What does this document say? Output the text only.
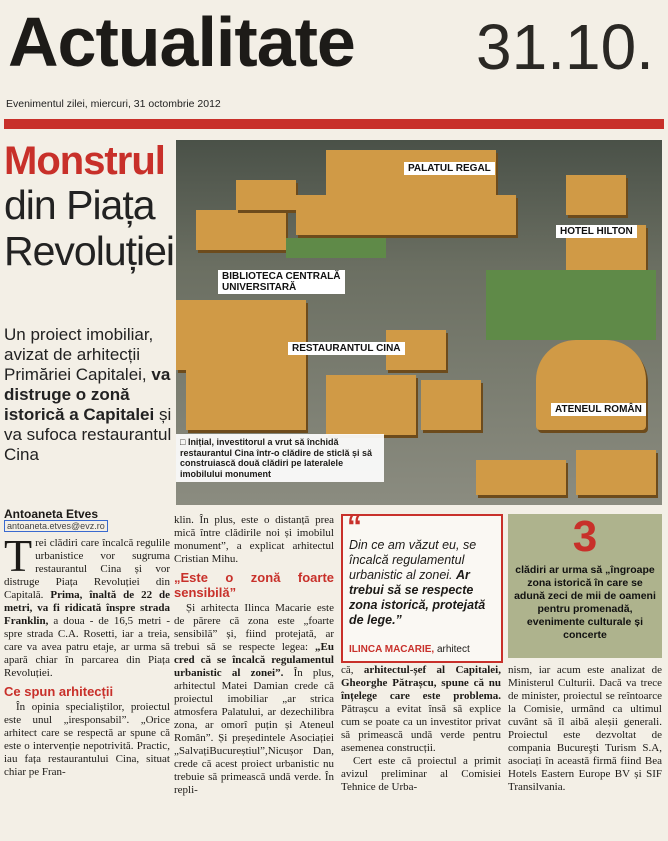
Actualitate 31.10.
Evenimentul zilei, miercuri, 31 octombrie 2012
Monstrul
din Piața
Revoluției
Un proiect imobiliar, avizat de arhitecții Primăriei Capitalei, va distruge o zonă istorică a Capitalei și va sufoca restaurantul Cina
Antoaneta Etves
antoaneta.etves@evz.ro
PALATUL REGAL
HOTEL HILTON
BIBLIOTECA CENTRALĂ
UNIVERSITARĂ
RESTAURANTUL CINA
ATENEUL ROMÂN
□ Inițial, investitorul a vrut să închidă restaurantul Cina într-o clădire de sticlă și să construiască două clădiri pe lateralele imobilului monument
T rei clădiri care încalcă regulile urbanistice vor sugruma restaurantul Cina și vor distruge Piața Revoluției din Capitală. Prima, înaltă de 22 de metri, va fi ridicată înspre strada Franklin, a doua - de 16,5 metri - spre strada C.A. Rosetti, iar a treia, care va avea patru etaje, ar urma să apară chiar în parcarea din Piața Revoluției.
Ce spun arhitecții
În opinia specialiștilor, proiectul este unul „iresponsabil”. „Orice arhitect care se respectă ar spune că este o intervenție nepotrivită. Practic, iau fața restaurantului Cina, situat chiar pe Fran-
klin. În plus, este o distanță prea mică între clădirile noi și imobilul monument”, a explicat arhitectul Cristian Mihu.
„Este o zonă foarte sensibilă”
Și arhitecta Ilinca Macarie este de părere că zona este „foarte sensibilă” și, fiind protejată, ar trebui să se respecte legea: „Eu cred că se încalcă regulamentul urbanistic al zonei”. În plus, arhitectul Matei Damian crede că proiectul imobiliar „ar strica atmosfera Palatului, ar dezechilibra zona, ar omorî puțin și Ateneul Român”. Și președintele Asociației „SalvațiBucureștiul”,Nicușor Dan, crede că acest proiect urbanistic nu trebuie să primească undă verde. În repli-
“
Din ce am văzut eu, se încalcă regulamentul urbanistic al zonei. Ar trebui să se respecte zona istorică, protejată de lege.”
ILINCA MACARIE, arhitect
3
clădiri ar urma să „îngroape zona istorică în care se adună zeci de mii de oameni pentru promenadă, evenimente culturale și concerte
că, arhitectul-șef al Capitalei, Gheorghe Pătrașcu, spune că nu înțelege care este problema. Pătrașcu a evitat însă să explice cum se poate ca un investitor privat să primească undă verde pentru asemenea construcții.
Cert este că proiectul a primit avizul preliminar al Comisiei Tehnice de Urba-
nism, iar acum este analizat de Ministerul Culturii. Dacă va trece de minister, proiectul se reîntoarce la Comisie, urmând ca ultimul cuvânt să îl aibă aleșii generali. Proiectul este dezvoltat de compania Bucureşti Turism S.A, asociați în această firmă fiind Bea Hotels Eastern Europe BV și SIF Transilvania.
